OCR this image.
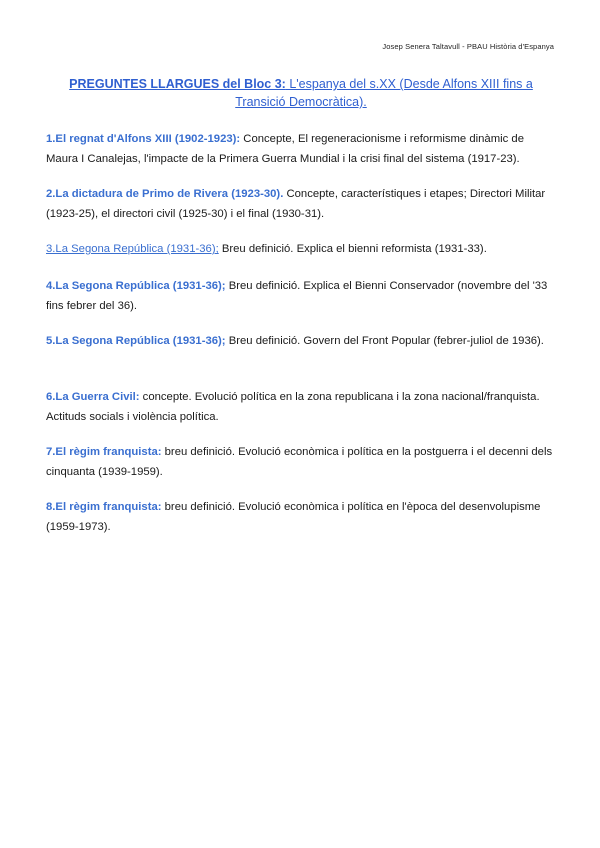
Josep Senera Taltavull - PBAU Història d'Espanya
PREGUNTES LLARGUES del Bloc 3: L'espanya del s.XX (Desde Alfons XIII fins a Transició Democràtica).
1.El regnat d'Alfons XIII (1902-1923): Concepte, El regeneracionisme i reformisme dinàmic de Maura I Canalejas, l'impacte de la Primera Guerra Mundial i la crisi final del sistema (1917-23).
2.La dictadura de Primo de Rivera (1923-30). Concepte, característiques i etapes; Directori Militar (1923-25), el directori civil (1925-30) i el final (1930-31).
3.La Segona República (1931-36); Breu definició. Explica el bienni reformista (1931-33).
4.La Segona República (1931-36); Breu definició. Explica el Bienni Conservador (novembre del '33 fins febrer del 36).
5.La Segona República (1931-36); Breu definició. Govern del Front Popular (febrer-juliol de 1936).
6.La Guerra Civil: concepte. Evolució política en la zona republicana i la zona nacional/franquista. Actituds socials i violència política.
7.El règim franquista: breu definició. Evolució econòmica i política en la postguerra i el decenni dels cinquanta (1939-1959).
8.El règim franquista: breu definició. Evolució econòmica i política en l'època del desenvolupisme (1959-1973).
